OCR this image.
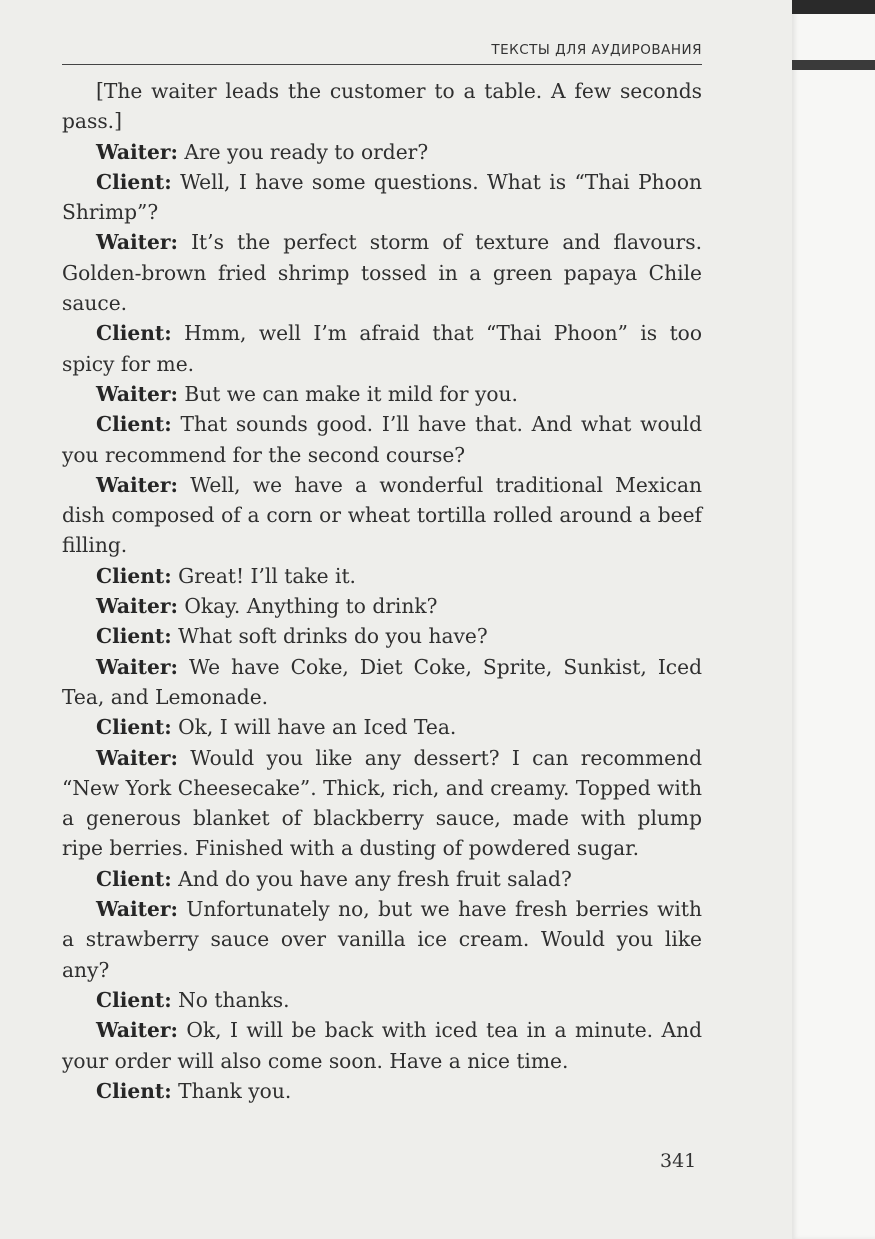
ТЕКСТЫ ДЛЯ АУДИРОВАНИЯ

[The waiter leads the customer to a table. A few seconds pass.]

Waiter: Are you ready to order?

Client: Well, I have some questions. What is “Thai Phoon Shrimp”?

Waiter: It’s the perfect storm of texture and flavours. Golden-brown fried shrimp tossed in a green papaya Chile sauce.

Client: Hmm, well I’m afraid that “Thai Phoon” is too spicy for me.

Waiter: But we can make it mild for you.

Client: That sounds good. I’ll have that. And what would you recommend for the second course?

Waiter: Well, we have a wonderful traditional Mexican dish composed of a corn or wheat tortilla rolled around a beef filling.

Client: Great! I’ll take it.

Waiter: Okay. Anything to drink?

Client: What soft drinks do you have?

Waiter: We have Coke, Diet Coke, Sprite, Sunkist, Iced Tea, and Lemonade.

Client: Ok, I will have an Iced Tea.

Waiter: Would you like any dessert? I can recommend “New York Cheesecake”. Thick, rich, and creamy. Topped with a generous blanket of blackberry sauce, made with plump ripe berries. Finished with a dusting of powdered sugar.

Client: And do you have any fresh fruit salad?

Waiter: Unfortunately no, but we have fresh berries with a strawberry sauce over vanilla ice cream. Would you like any?

Client: No thanks.

Waiter: Ok, I will be back with iced tea in a minute. And your order will also come soon. Have a nice time.

Client: Thank you.

341
